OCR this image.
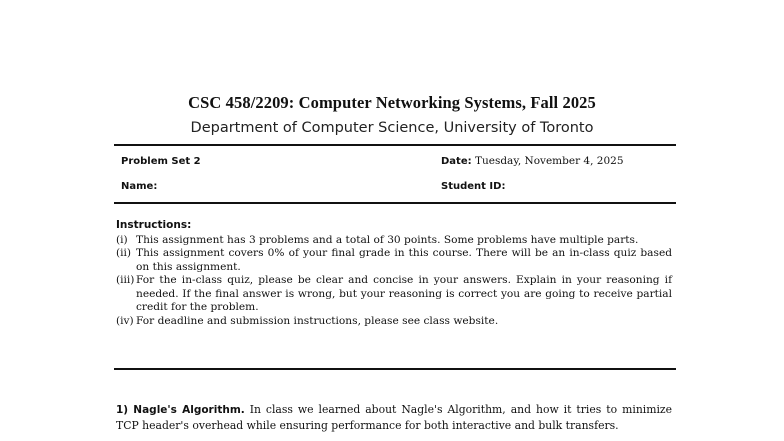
CSC 458/2209: Computer Networking Systems, Fall 2025
Department of Computer Science, University of Toronto
Problem Set 2	Date: Tuesday, November 4, 2025
Name:	Student ID:
Instructions:
(i) This assignment has 3 problems and a total of 30 points. Some problems have multiple parts.
(ii) This assignment covers 0% of your final grade in this course. There will be an in-class quiz based on this assignment.
(iii) For the in-class quiz, please be clear and concise in your answers. Explain in your reasoning if needed. If the final answer is wrong, but your reasoning is correct you are going to receive partial credit for the problem.
(iv) For deadline and submission instructions, please see class website.
1) Nagle's Algorithm. In class we learned about Nagle's Algorithm, and how it tries to minimize TCP header's overhead while ensuring performance for both interactive and bulk transfers.
